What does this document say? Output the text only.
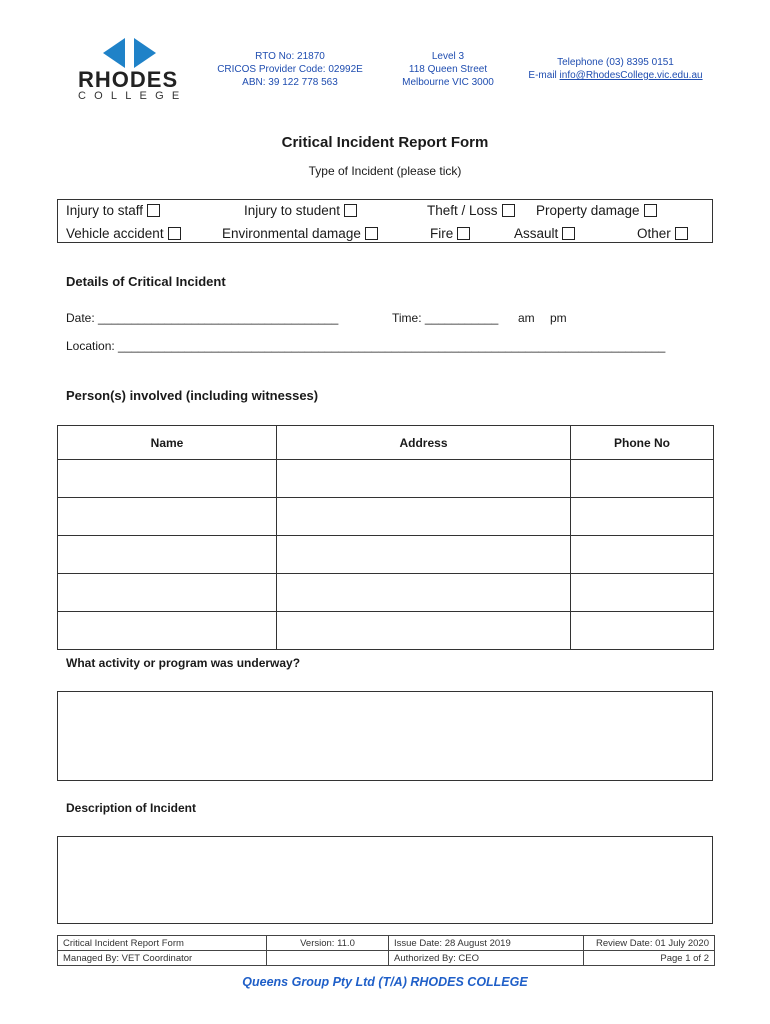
RHODES
COLLEGE
RTO No: 21870
CRICOS Provider Code: 02992E
ABN: 39 122 778 563
Level 3
118 Queen Street
Melbourne VIC 3000
Telephone (03) 8395 0151
E-mail info@RhodesCollege.vic.edu.au
Critical Incident Report Form
Type of Incident (please tick)
Injury to staff	Injury to student	Theft / Loss	Property damage
Vehicle accident	Environmental damage	Fire	Assault	Other
Details of Critical Incident
Date: ____________________________________	Time: ___________ am pm
Location: __________________________________________________________________________________
Person(s) involved (including witnesses)
Name	Address	Phone No

What activity or program was underway?
Description of Incident
Critical Incident Report Form	Version: 11.0	Issue Date: 28 August 2019	Review Date: 01 July 2020
Managed By: VET Coordinator		Authorized By: CEO	Page 1 of 2
Queens Group Pty Ltd (T/A) RHODES COLLEGE
